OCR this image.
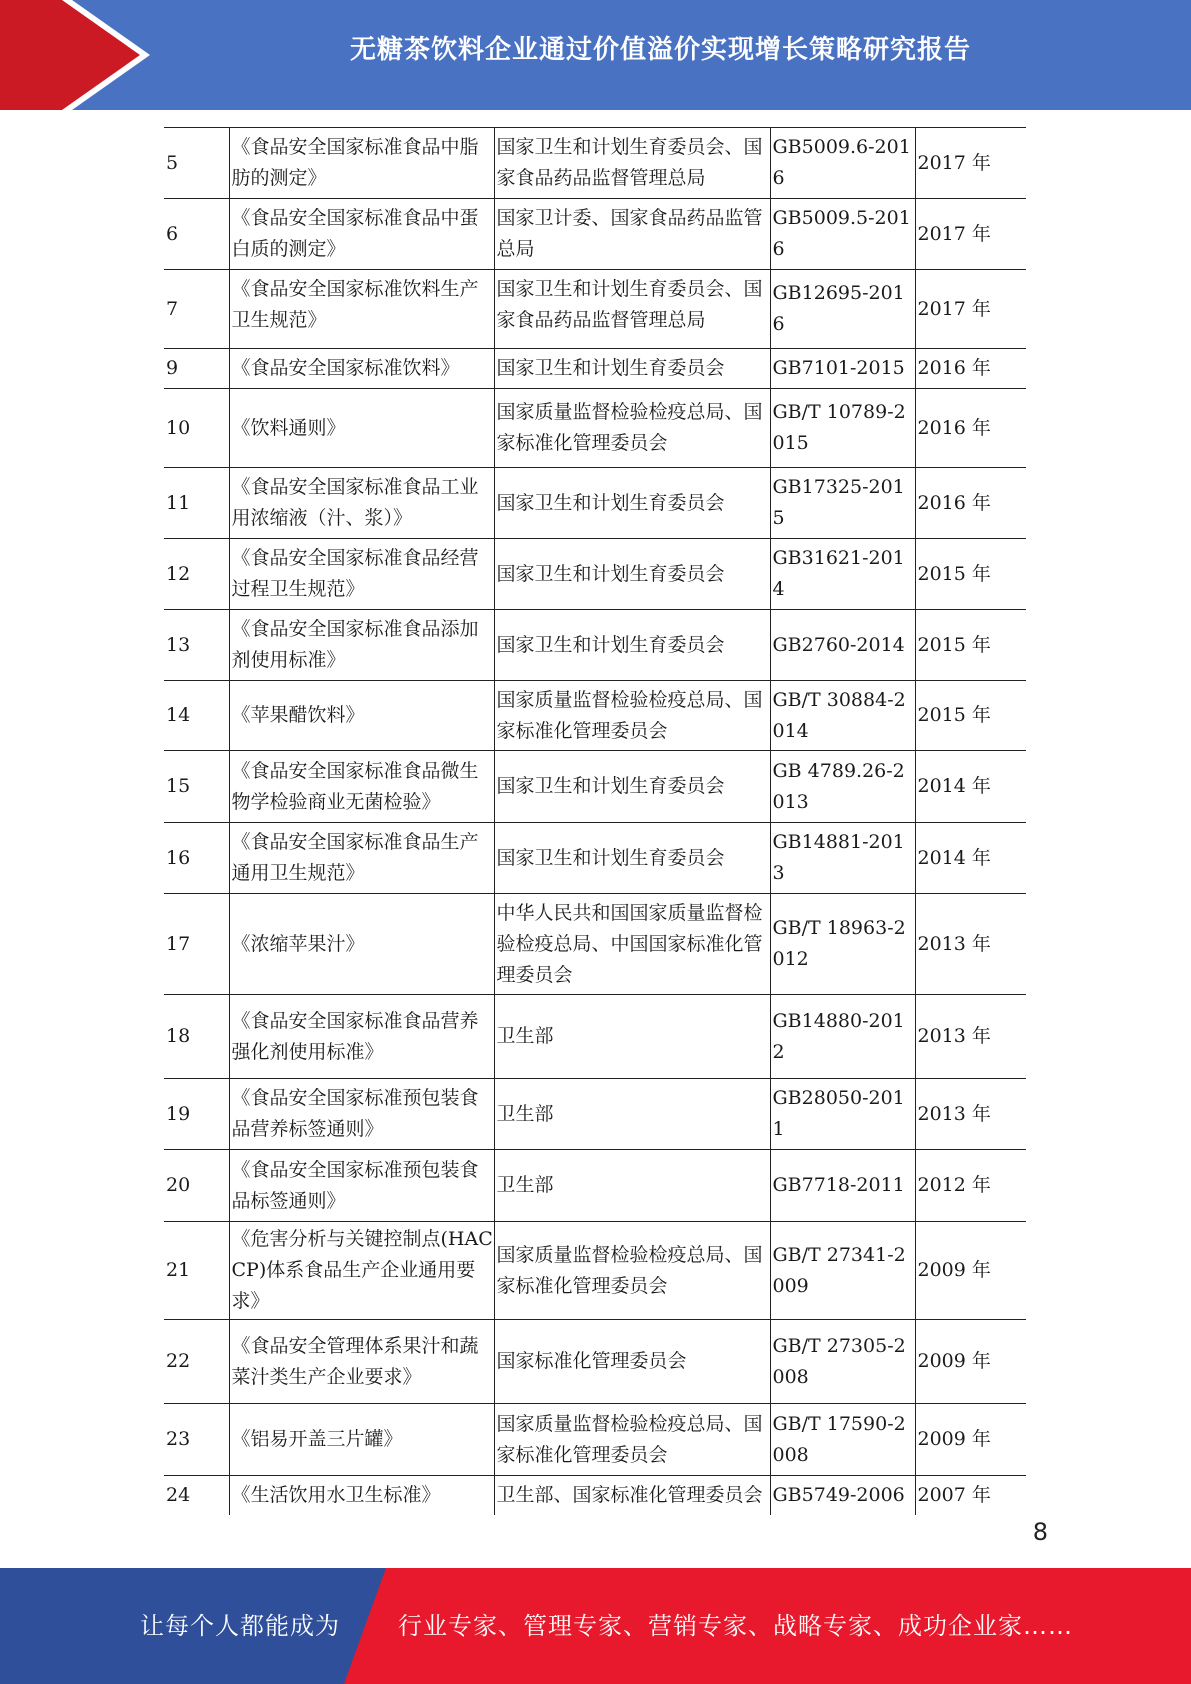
无糖茶饮料企业通过价值溢价实现增长策略研究报告
5	《食品安全国家标准食品中脂肪的测定》	国家卫生和计划生育委员会、国家食品药品监督管理总局	GB5009.6-2016	2017 年
6	《食品安全国家标准食品中蛋白质的测定》	国家卫计委、国家食品药品监管总局	GB5009.5-2016	2017 年
7	《食品安全国家标准饮料生产卫生规范》	国家卫生和计划生育委员会、国家食品药品监督管理总局	GB12695-2016	2017 年
9	《食品安全国家标准饮料》	国家卫生和计划生育委员会	GB7101-2015	2016 年
10	《饮料通则》	国家质量监督检验检疫总局、国家标准化管理委员会	GB/T 10789-2015	2016 年
11	《食品安全国家标准食品工业用浓缩液（汁、浆）》	国家卫生和计划生育委员会	GB17325-2015	2016 年
12	《食品安全国家标准食品经营过程卫生规范》	国家卫生和计划生育委员会	GB31621-2014	2015 年
13	《食品安全国家标准食品添加剂使用标准》	国家卫生和计划生育委员会	GB2760-2014	2015 年
14	《苹果醋饮料》	国家质量监督检验检疫总局、国家标准化管理委员会	GB/T 30884-2014	2015 年
15	《食品安全国家标准食品微生物学检验商业无菌检验》	国家卫生和计划生育委员会	GB 4789.26-2013	2014 年
16	《食品安全国家标准食品生产通用卫生规范》	国家卫生和计划生育委员会	GB14881-2013	2014 年
17	《浓缩苹果汁》	中华人民共和国国家质量监督检验检疫总局、中国国家标准化管理委员会	GB/T 18963-2012	2013 年
18	《食品安全国家标准食品营养强化剂使用标准》	卫生部	GB14880-2012	2013 年
19	《食品安全国家标准预包装食品营养标签通则》	卫生部	GB28050-2011	2013 年
20	《食品安全国家标准预包装食品标签通则》	卫生部	GB7718-2011	2012 年
21	《危害分析与关键控制点(HACCP)体系食品生产企业通用要求》	国家质量监督检验检疫总局、国家标准化管理委员会	GB/T 27341-2009	2009 年
22	《食品安全管理体系果汁和蔬菜汁类生产企业要求》	国家标准化管理委员会	GB/T 27305-2008	2009 年
23	《铝易开盖三片罐》	国家质量监督检验检疫总局、国家标准化管理委员会	GB/T 17590-2008	2009 年
24	《生活饮用水卫生标准》	卫生部、国家标准化管理委员会	GB5749-2006	2007 年
8
让每个人都能成为 行业专家、管理专家、营销专家、战略专家、成功企业家……
